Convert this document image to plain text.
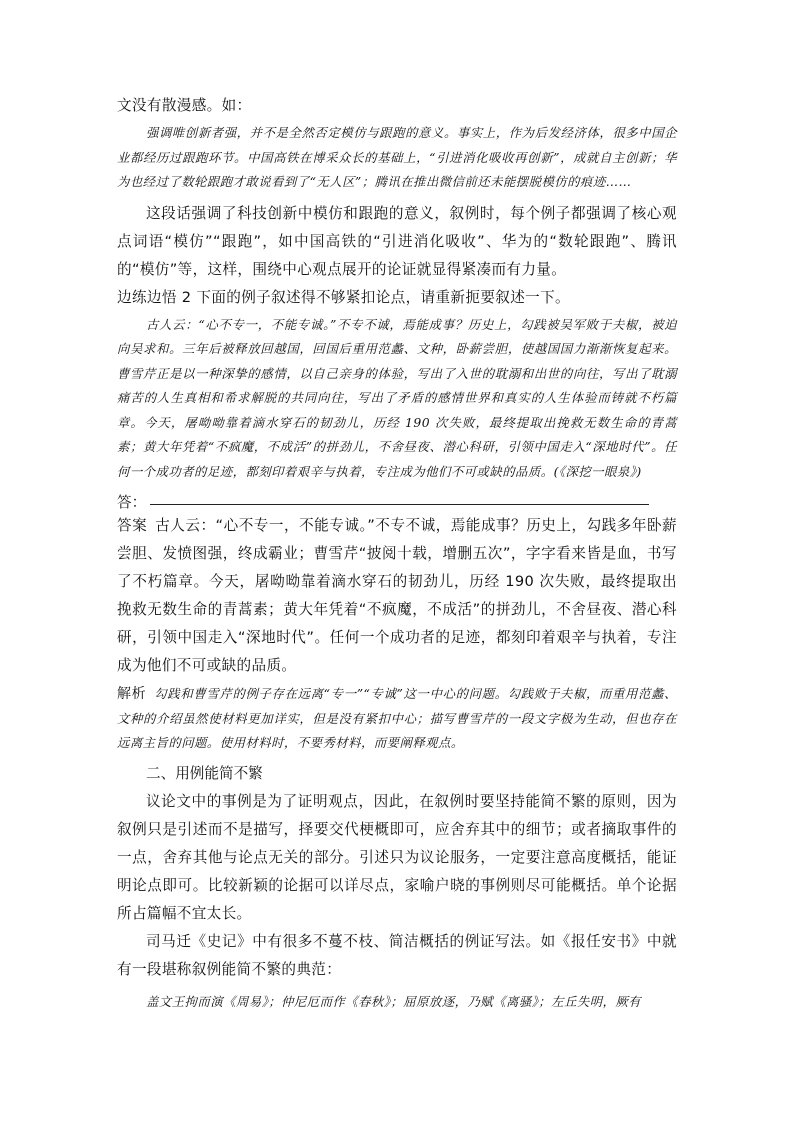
文没有散漫感。如：

强调唯创新者强，并不是全然否定模仿与跟跑的意义。事实上，作为后发经济体，很多中国企业都经历过跟跑环节。中国高铁在博采众长的基础上，“引进消化吸收再创新”，成就自主创新；华为也经过了数轮跟跑才敢说看到了“无人区”；腾讯在推出微信前还未能摆脱模仿的痕迹……

这段话强调了科技创新中模仿和跟跑的意义，叙例时，每个例子都强调了核心观点词语“模仿”“跟跑”，如中国高铁的“引进消化吸收”、华为的“数轮跟跑”、腾讯的“模仿”等，这样，围绕中心观点展开的论证就显得紧凑而有力量。

边练边悟 2 下面的例子叙述得不够紧扣论点，请重新扼要叙述一下。

古人云：“心不专一，不能专诚。”不专不诚，焉能成事？历史上，勾践被吴军败于夫椒，被迫向吴求和。三年后被释放回越国，回国后重用范蠡、文种，卧薪尝胆，使越国国力渐渐恢复起来。曹雪芹正是以一种深挚的感情，以自己亲身的体验，写出了入世的耽溺和出世的向往，写出了耽溺痛苦的人生真相和希求解脱的共同向往，写出了矛盾的感情世界和真实的人生体验而铸就不朽篇章。今天，屠呦呦靠着滴水穿石的韧劲儿，历经 190 次失败，最终提取出挽救无数生命的青蒿素；黄大年凭着“不疯魔，不成活”的拼劲儿，不舍昼夜、潜心科研，引领中国走入“深地时代”。任何一个成功者的足迹，都刻印着艰辛与执着，专注成为他们不可或缺的品质。(《深挖一眼泉》)

答：

答案 古人云：“心不专一，不能专诚。”不专不诚，焉能成事？历史上，勾践多年卧薪尝胆、发愤图强，终成霸业；曹雪芹“披阅十载，增删五次”，字字看来皆是血，书写了不朽篇章。今天，屠呦呦靠着滴水穿石的韧劲儿，历经 190 次失败，最终提取出挽救无数生命的青蒿素；黄大年凭着“不疯魔，不成活”的拼劲儿，不舍昼夜、潜心科研，引领中国走入“深地时代”。任何一个成功者的足迹，都刻印着艰辛与执着，专注成为他们不可或缺的品质。

解析 勾践和曹雪芹的例子存在远离“专一”“专诚”这一中心的问题。勾践败于夫椒，而重用范蠡、文种的介绍虽然使材料更加详实，但是没有紧扣中心；描写曹雪芹的一段文字极为生动，但也存在远离主旨的问题。使用材料时，不要秀材料，而要阐释观点。

二、用例能简不繁

议论文中的事例是为了证明观点，因此，在叙例时要坚持能简不繁的原则，因为叙例只是引述而不是描写，择要交代梗概即可，应舍弃其中的细节；或者摘取事件的一点，舍弃其他与论点无关的部分。引述只为议论服务，一定要注意高度概括，能证明论点即可。比较新颖的论据可以详尽点，家喻户晓的事例则尽可能概括。单个论据所占篇幅不宜太长。

司马迁《史记》中有很多不蔓不枝、简洁概括的例证写法。如《报任安书》中就有一段堪称叙例能简不繁的典范：

盖文王拘而演《周易》；仲尼厄而作《春秋》；屈原放逐，乃赋《离骚》；左丘失明，厥有
